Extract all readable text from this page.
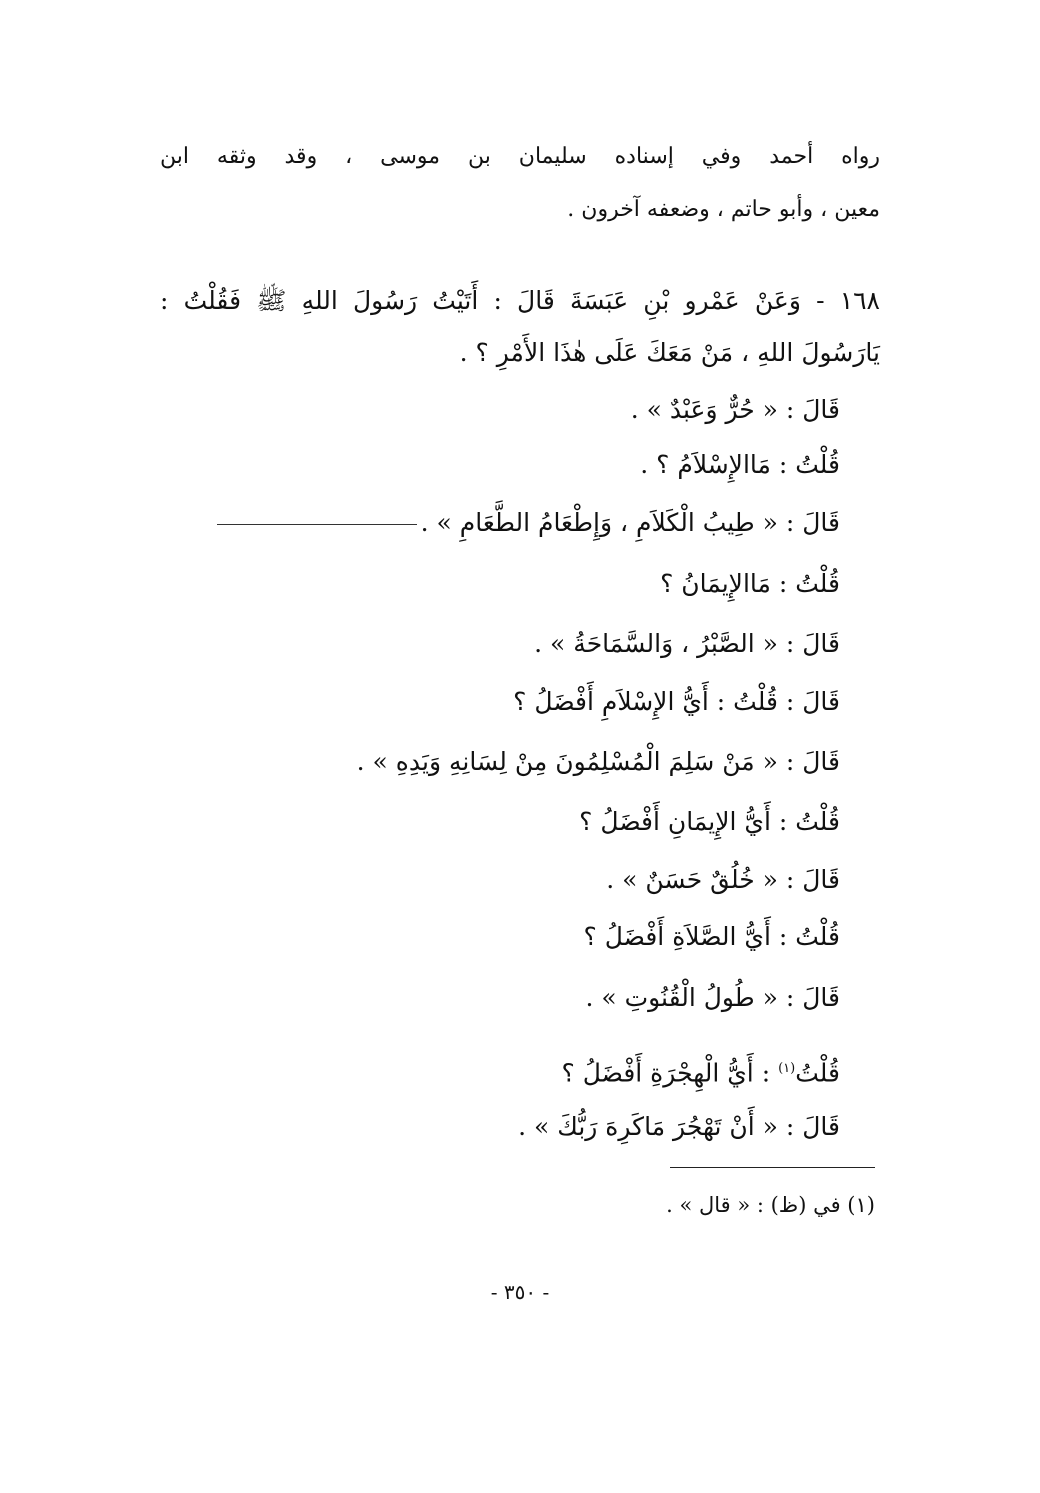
رواه أحمد وفي إسناده سليمان بن موسى ، وقد وثقه ابن
معين ، وأبو حاتم ، وضعفه آخرون .
١٦٨ - وَعَنْ عَمْرو بْنِ عَبَسَةَ قَالَ : أَتَيْتُ رَسُولَ اللهِ ﷺ فَقُلْتُ :
يَارَسُولَ اللهِ ، مَنْ مَعَكَ عَلَى هٰذَا الأَمْرِ ؟ .
قَالَ : « حُرٌّ وَعَبْدٌ » .
قُلْتُ : مَاالإِسْلاَمُ ؟ .
قَالَ : « طِيبُ الْكَلاَمِ ، وَإِطْعَامُ الطَّعَامِ » .
قُلْتُ : مَاالإِيمَانُ ؟
قَالَ : « الصَّبْرُ ، وَالسَّمَاحَةُ » .
قَالَ : قُلْتُ : أَيُّ الإِسْلاَمِ أَفْضَلُ ؟
قَالَ : « مَنْ سَلِمَ الْمُسْلِمُونَ مِنْ لِسَانِهِ وَيَدِهِ » .
قُلْتُ : أَيُّ الإِيمَانِ أَفْضَلُ ؟
قَالَ : « خُلُقٌ حَسَنٌ » .
قُلْتُ : أَيُّ الصَّلاَةِ أَفْضَلُ ؟
قَالَ : « طُولُ الْقُنُوتِ » .
قُلْتُ$^{(١)}$ : أَيُّ الْهِجْرَةِ أَفْضَلُ ؟
قَالَ : « أَنْ تَهْجُرَ مَاكَرِهَ رَبُّكَ » .
(١) في (ظ) : « قال » .
- ٣٥٠ -
